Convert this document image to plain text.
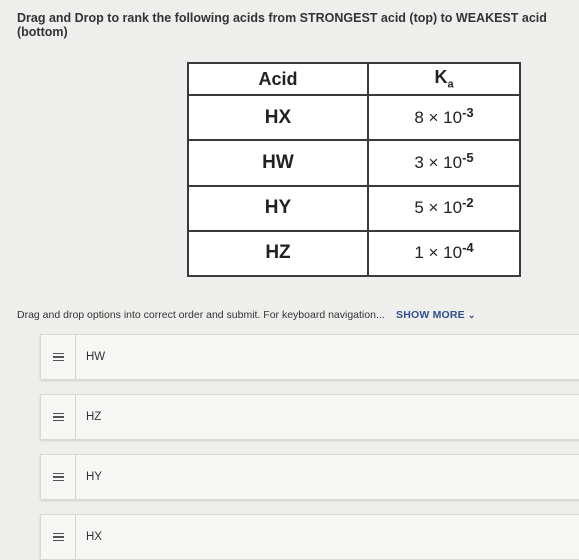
Drag and Drop to rank the following acids from STRONGEST acid (top) to WEAKEST acid (bottom)

Acid	$K_a$
HX	$8 \times 10^{-3}$
HW	$3 \times 10^{-5}$
HY	$5 \times 10^{-2}$
HZ	$1 \times 10^{-4}$
Drag and drop options into correct order and submit. For keyboard navigation... SHOW MORE ⌄
HW
HZ
HY
HX
